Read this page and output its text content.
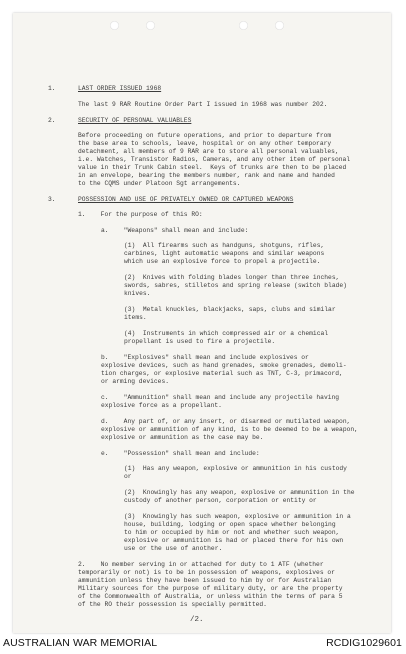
1.	LAST ORDER ISSUED 1968
The last 9 RAR Routine Order Part I issued in 1968 was number 202.
2.	SECURITY OF PERSONAL VALUABLES
Before proceeding on future operations, and prior to departure from
the base area to schools, leave, hospital or on any other temporary
detachment, all members of 9 RAR are to store all personal valuables,
i.e. Watches, Transistor Radios, Cameras, and any other item of personal
value in their Trunk Cabin steel.  Keys of trunks are then to be placed
in an envelope, bearing the members number, rank and name and handed
to the CQMS under Platoon Sgt arrangements.
3.	POSSESSION AND USE OF PRIVATELY OWNED OR CAPTURED WEAPONS
1.    For the purpose of this RO:
a.    "Weapons" shall mean and include:
(1)  All firearms such as handguns, shotguns, rifles,
carbines, light automatic weapons and similar weapons
which use an explosive force to propel a projectile.
(2)  Knives with folding blades longer than three inches,
swords, sabres, stilletos and spring release (switch blade)
knives.
(3)  Metal knuckles, blackjacks, saps, clubs and similar
items.
(4)  Instruments in which compressed air or a chemical
propellant is used to fire a projectile.
b.    "Explosives" shall mean and include explosives or
explosive devices, such as hand grenades, smoke grenades, demoli-
tion charges, or explosive material such as TNT, C-3, primacord,
or arming devices.
c.    "Ammunition" shall mean and include any projectile having
explosive force as a propellant.
d.    Any part of, or any insert, or disarmed or mutilated weapon,
explosive or ammunition of any kind, is to be deemed to be a weapon,
explosive or ammunition as the case may be.
e.    "Possession" shall mean and include:
(1)  Has any weapon, explosive or ammunition in his custody
or
(2)  Knowingly has any weapon, explosive or ammunition in the
custody of another person, corporation or entity or
(3)  Knowingly has such weapon, explosive or ammunition in a
house, building, lodging or open space whether belonging
to him or occupied by him or not and whether such weapon,
explosive or ammunition is had or placed there for his own
use or the use of another.
2.    No member serving in or attached for duty to 1 ATF (whether
temporarily or not) is to be in possession of weapons, explosives or
ammunition unless they have been issued to him by or for Australian
Military sources for the purpose of military duty, or are the property
of the Commonwealth of Australia, or unless within the terms of para 5
of the RO their possession is specially permitted.
/2.
AUSTRALIAN WAR MEMORIAL	RCDIG1029601
